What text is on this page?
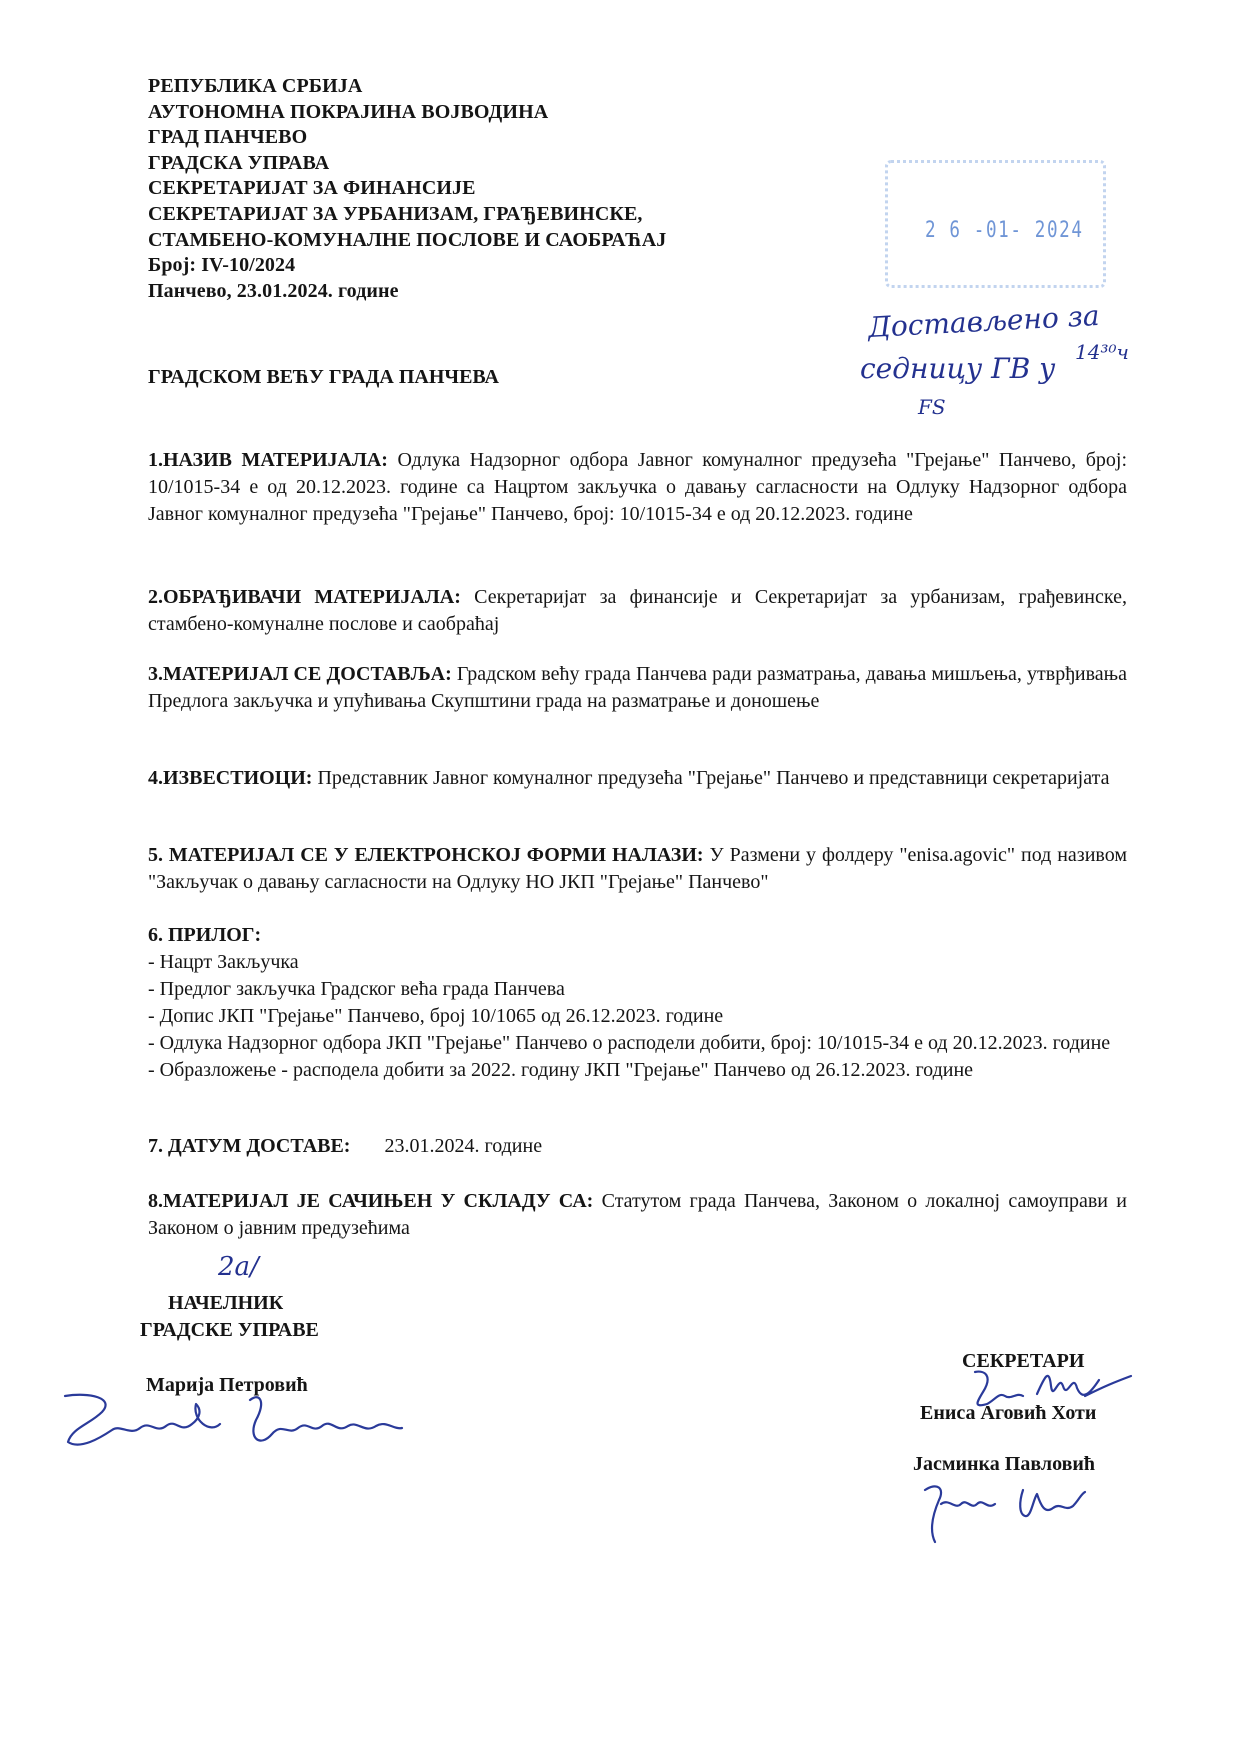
РЕПУБЛИКА СРБИЈА
АУТОНОМНА ПОКРАЈИНА ВОЈВОДИНА
ГРАД ПАНЧЕВО
ГРАДСКА УПРАВА
СЕКРЕТАРИЈАТ ЗА ФИНАНСИЈЕ
СЕКРЕТАРИЈАТ ЗА УРБАНИЗАМ, ГРАЂЕВИНСКЕ,
СТАМБЕНО-КОМУНАЛНЕ ПОСЛОВЕ И САОБРАЋАЈ
Број: IV-10/2024
Панчево, 23.01.2024. године
2 6 -01- 2024
Достављено за
седницу ГВ у 14³⁰ч
FS
ГРАДСКОМ ВЕЋУ ГРАДА ПАНЧЕВА
1.НАЗИВ МАТЕРИЈАЛА: Одлука Надзорног одбора Јавног комуналног предузећа "Грејање" Панчево, број: 10/1015-34 е од 20.12.2023. године са Нацртом закључка о давању сагласности на Одлуку Надзорног одбора Јавног комуналног предузећа "Грејање" Панчево, број: 10/1015-34 е од 20.12.2023. године
2.ОБРАЂИВАЧИ МАТЕРИЈАЛА: Секретаријат за финансије и Секретаријат за урбанизам, грађевинске, стамбено-комуналне послове и саобраћај
3.МАТЕРИЈАЛ СЕ ДОСТАВЉА: Градском већу града Панчева ради разматрања, давања мишљења, утврђивања Предлога закључка и упућивања Скупштини града на разматрање и доношење
4.ИЗВЕСТИОЦИ: Представник Јавног комуналног предузећа "Грејање" Панчево и представници секретаријата
5. МАТЕРИЈАЛ СЕ У ЕЛЕКТРОНСКОЈ ФОРМИ НАЛАЗИ: У Размени у фолдеру "enisa.agovic" под називом "Закључак о давању сагласности на Одлуку НО ЈКП "Грејање" Панчево"
6. ПРИЛОГ:
- Нацрт Закључка
- Предлог закључка Градског већа града Панчева
- Допис ЈКП "Грејање" Панчево, број 10/1065 од 26.12.2023. године
- Одлука Надзорног одбора ЈКП "Грејање" Панчево о расподели добити, број: 10/1015-34 е од 20.12.2023. године
- Образложење - расподела добити за 2022. годину ЈКП "Грејање" Панчево од 26.12.2023. године
7. ДАТУМ ДОСТАВЕ: 23.01.2024. године
8.МАТЕРИЈАЛ ЈЕ САЧИЊЕН У СКЛАДУ СА: Статутом града Панчева, Законом о локалној самоуправи и Законом о јавним предузећима
2a/
НАЧЕЛНИК
ГРАДСКЕ УПРАВЕ
Марија Петровић
СЕКРЕТАРИ
Eниса Аговић Хоти
Јасминка Павловић
